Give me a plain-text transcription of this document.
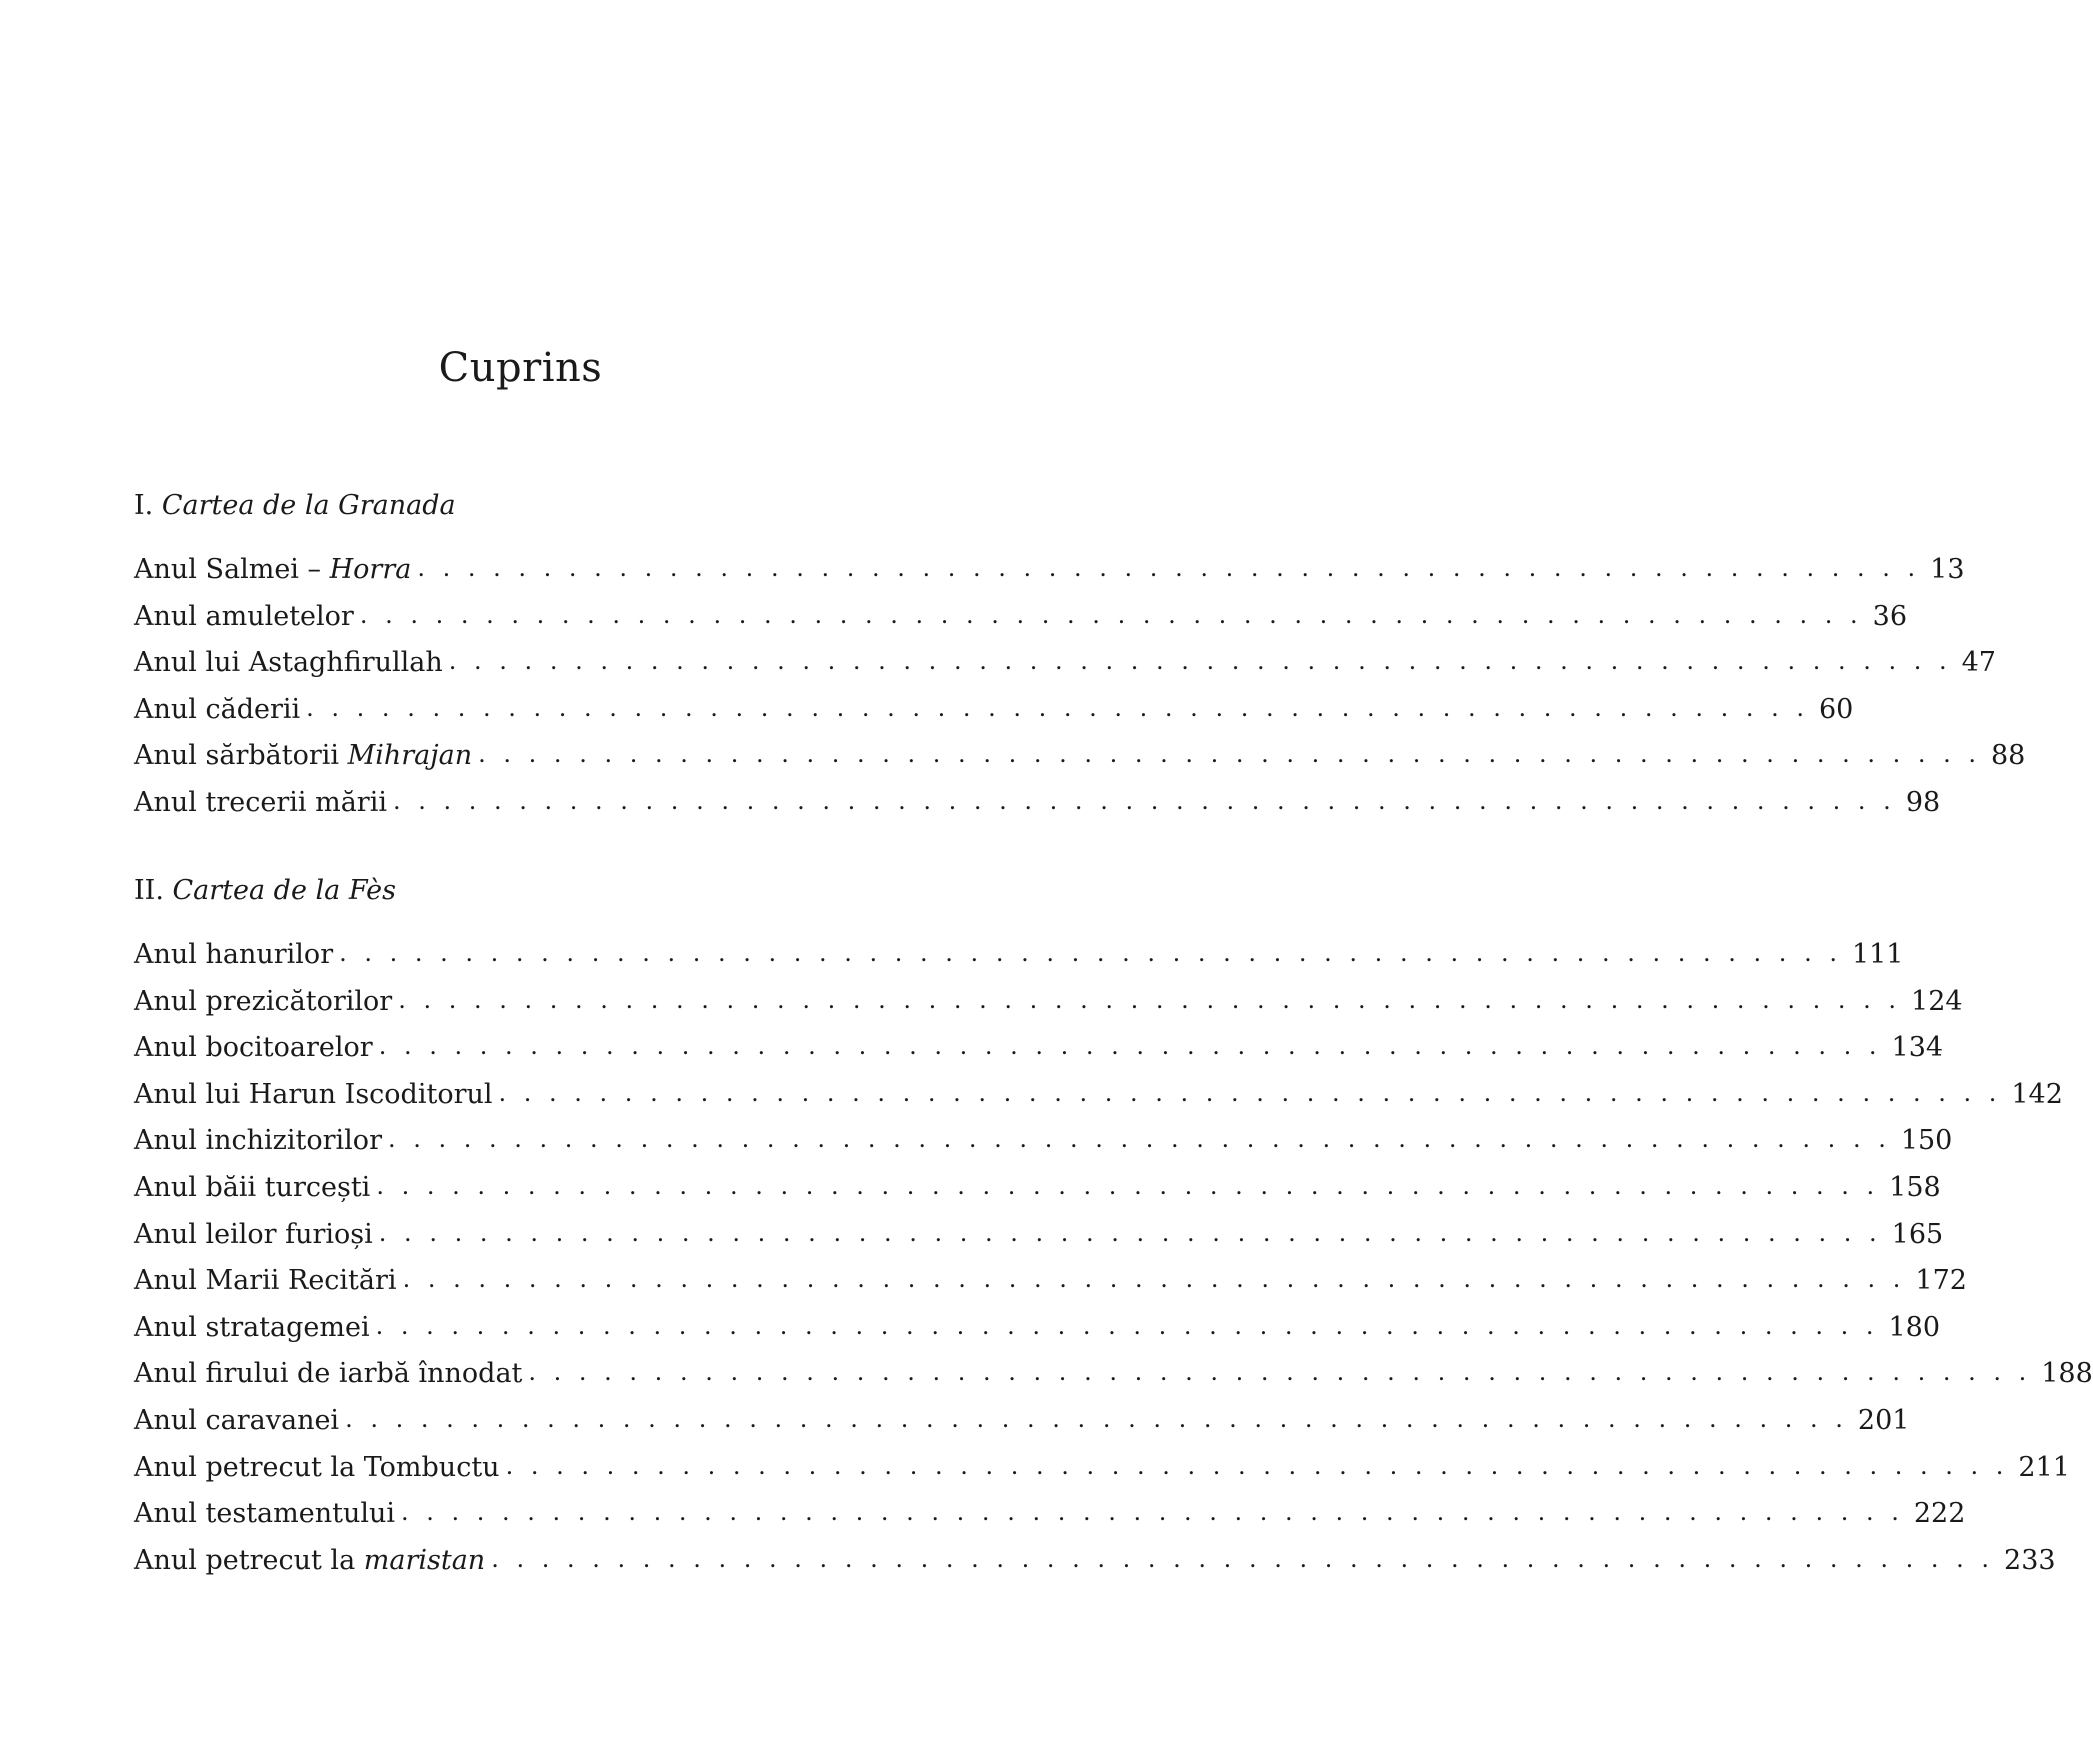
Cuprins
I. Cartea de la Granada
Anul Salmei – Horra . . . . . . . . . . . . . . . . . . . . . . . . . . . . . . . . . . . . . . . . . . . . . . . . . . . . . . . . . . . . 13
Anul amuletelor . . . . . . . . . . . . . . . . . . . . . . . . . . . . . . . . . . . . . . . . . . . . . . . . . . . . . . . . . . . . 36
Anul lui Astaghfirullah . . . . . . . . . . . . . . . . . . . . . . . . . . . . . . . . . . . . . . . . . . . . . . . . . . . . . . . . . . . . 47
Anul căderii . . . . . . . . . . . . . . . . . . . . . . . . . . . . . . . . . . . . . . . . . . . . . . . . . . . . . . . . . . . . 60
Anul sărbătorii Mihrajan . . . . . . . . . . . . . . . . . . . . . . . . . . . . . . . . . . . . . . . . . . . . . . . . . . . . . . . . . . . . 88
Anul trecerii mării . . . . . . . . . . . . . . . . . . . . . . . . . . . . . . . . . . . . . . . . . . . . . . . . . . . . . . . . . . . . 98
II. Cartea de la Fès
Anul hanurilor . . . . . . . . . . . . . . . . . . . . . . . . . . . . . . . . . . . . . . . . . . . . . . . . . . . . . . . . . . . . 111
Anul prezicătorilor . . . . . . . . . . . . . . . . . . . . . . . . . . . . . . . . . . . . . . . . . . . . . . . . . . . . . . . . . . . . 124
Anul bocitoarelor . . . . . . . . . . . . . . . . . . . . . . . . . . . . . . . . . . . . . . . . . . . . . . . . . . . . . . . . . . . . 134
Anul lui Harun Iscoditorul . . . . . . . . . . . . . . . . . . . . . . . . . . . . . . . . . . . . . . . . . . . . . . . . . . . . . . . . . . . . 142
Anul inchizitorilor . . . . . . . . . . . . . . . . . . . . . . . . . . . . . . . . . . . . . . . . . . . . . . . . . . . . . . . . . . . . 150
Anul băii turcești . . . . . . . . . . . . . . . . . . . . . . . . . . . . . . . . . . . . . . . . . . . . . . . . . . . . . . . . . . . . 158
Anul leilor furioși . . . . . . . . . . . . . . . . . . . . . . . . . . . . . . . . . . . . . . . . . . . . . . . . . . . . . . . . . . . . 165
Anul Marii Recitări . . . . . . . . . . . . . . . . . . . . . . . . . . . . . . . . . . . . . . . . . . . . . . . . . . . . . . . . . . . . 172
Anul stratagemei . . . . . . . . . . . . . . . . . . . . . . . . . . . . . . . . . . . . . . . . . . . . . . . . . . . . . . . . . . . . 180
Anul firului de iarbă înnodat . . . . . . . . . . . . . . . . . . . . . . . . . . . . . . . . . . . . . . . . . . . . . . . . . . . . . . . . . . . . 188
Anul caravanei . . . . . . . . . . . . . . . . . . . . . . . . . . . . . . . . . . . . . . . . . . . . . . . . . . . . . . . . . . . . 201
Anul petrecut la Tombuctu . . . . . . . . . . . . . . . . . . . . . . . . . . . . . . . . . . . . . . . . . . . . . . . . . . . . . . . . . . . . 211
Anul testamentului . . . . . . . . . . . . . . . . . . . . . . . . . . . . . . . . . . . . . . . . . . . . . . . . . . . . . . . . . . . . 222
Anul petrecut la maristan . . . . . . . . . . . . . . . . . . . . . . . . . . . . . . . . . . . . . . . . . . . . . . . . . . . . . . . . . . . . 233
